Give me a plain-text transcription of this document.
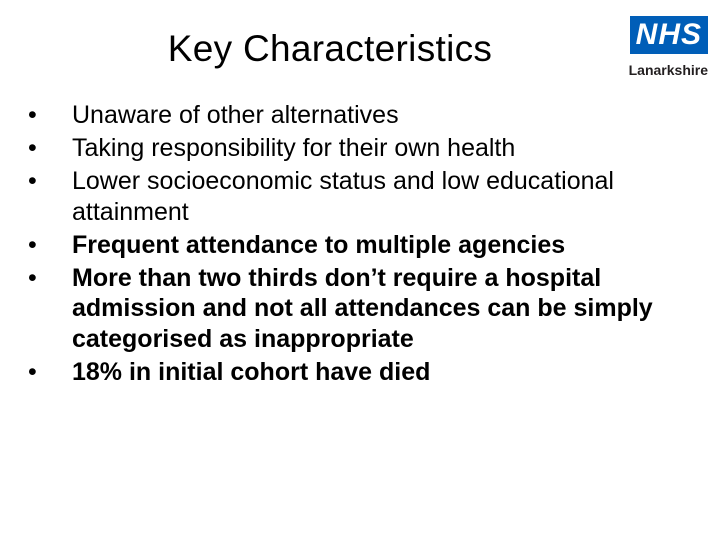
Key Characteristics	NHS
Lanarkshire
• Unaware of other alternatives
• Taking responsibility for their own health
• Lower socioeconomic status and low educational attainment
• Frequent attendance to multiple agencies
• More than two thirds don’t require a hospital admission and not all attendances can be simply categorised as inappropriate
• 18% in initial cohort have died
